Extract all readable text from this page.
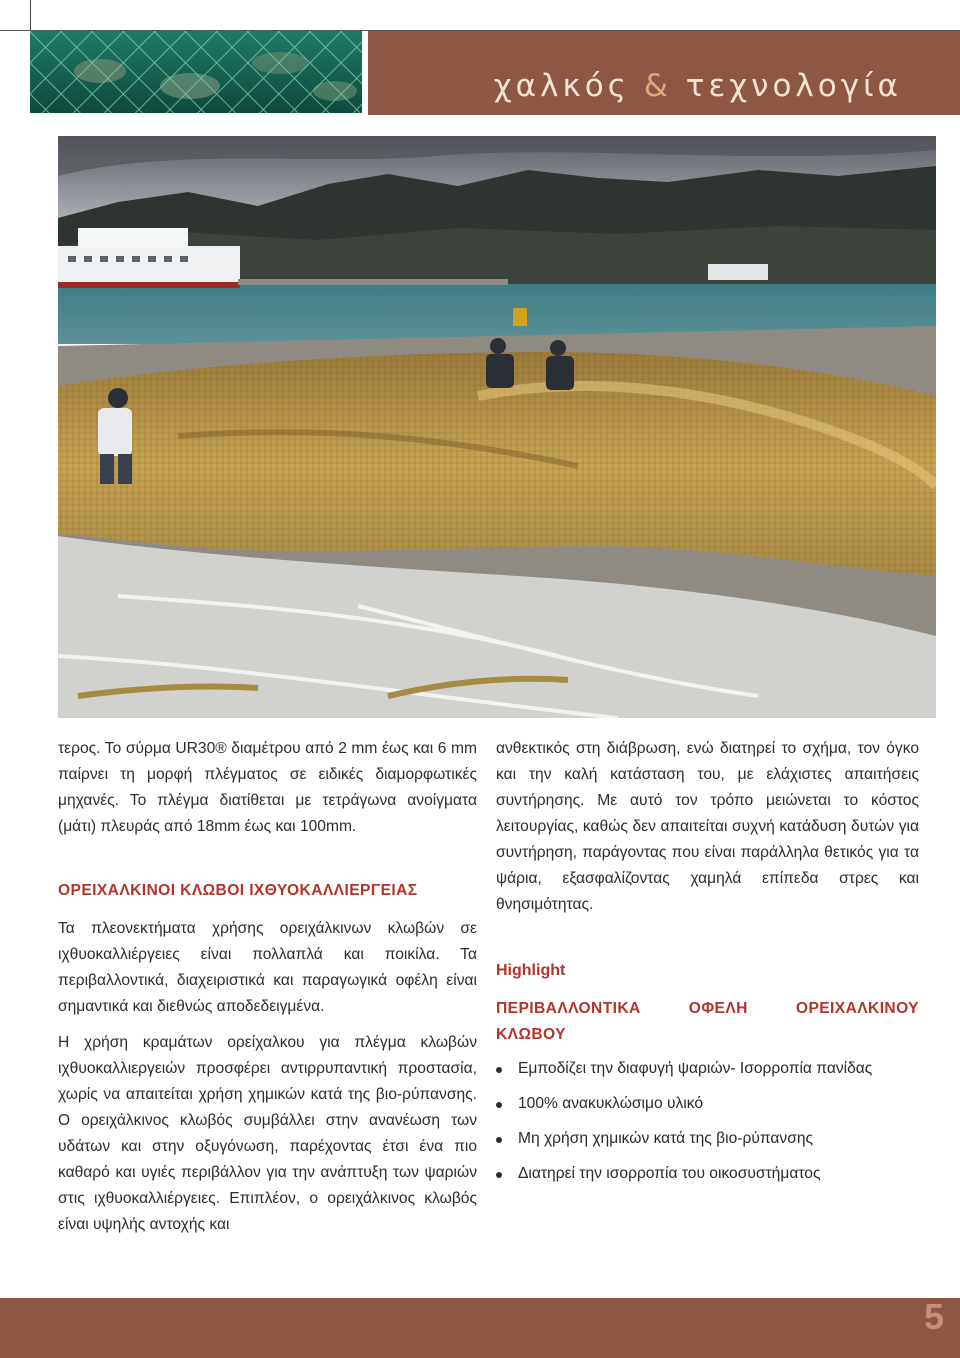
χαλκός & τεχνολογία

τερος. Το σύρμα UR30® διαμέτρου από 2 mm έως και 6 mm παίρνει τη μορφή πλέγματος σε ειδικές διαμορφωτικές μηχανές. Το πλέγμα διατίθεται με τετράγωνα ανοίγματα (μάτι) πλευράς από 18mm έως και 100mm.

ΟΡΕΙΧΑΛΚΙΝΟΙ ΚΛΩΒΟΙ ΙΧΘΥΟΚΑΛΛΙΕΡΓΕΙΑΣ

Τα πλεονεκτήματα χρήσης ορειχάλκινων κλωβών σε ιχθυοκαλλιέργειες είναι πολλαπλά και ποικίλα. Τα περιβαλλοντικά, διαχειριστικά και παραγωγικά οφέλη είναι σημαντικά και διεθνώς αποδεδειγμένα.

Η χρήση κραμάτων ορείχαλκου για πλέγμα κλωβών ιχθυοκαλλιεργειών προσφέρει αντιρρυπαντική προστασία, χωρίς να απαιτείται χρήση χημικών κατά της βιο-ρύπανσης. Ο ορειχάλκινος κλωβός συμβάλλει στην ανανέωση των υδάτων και στην οξυγόνωση, παρέχοντας έτσι ένα πιο καθαρό και υγιές περιβάλλον για την ανάπτυξη των ψαριών στις ιχθυοκαλλιέργειες. Επιπλέον, ο ορειχάλκινος κλωβός είναι υψηλής αντοχής και

ανθεκτικός στη διάβρωση, ενώ διατηρεί το σχήμα, τον όγκο και την καλή κατάσταση του, με ελάχιστες απαιτήσεις συντήρησης. Με αυτό τον τρόπο μειώνεται το κόστος λειτουργίας, καθώς δεν απαιτείται συχνή κατάδυση δυτών για συντήρηση, παράγοντας που είναι παράλληλα θετικός για τα ψάρια, εξασφαλίζοντας χαμηλά επίπεδα στρες και θνησιμότητας.

Highlight
ΠΕΡΙΒΑΛΛΟΝΤΙΚΑ ΟΦΕΛΗ ΟΡΕΙΧΑΛΚΙΝΟΥ ΚΛΩΒΟΥ
Εμποδίζει την διαφυγή ψαριών- Ισορροπία πανίδας
100% ανακυκλώσιμο υλικό
Μη χρήση χημικών κατά της βιο-ρύπανσης
Διατηρεί την ισορροπία του οικοσυστήματος
5
